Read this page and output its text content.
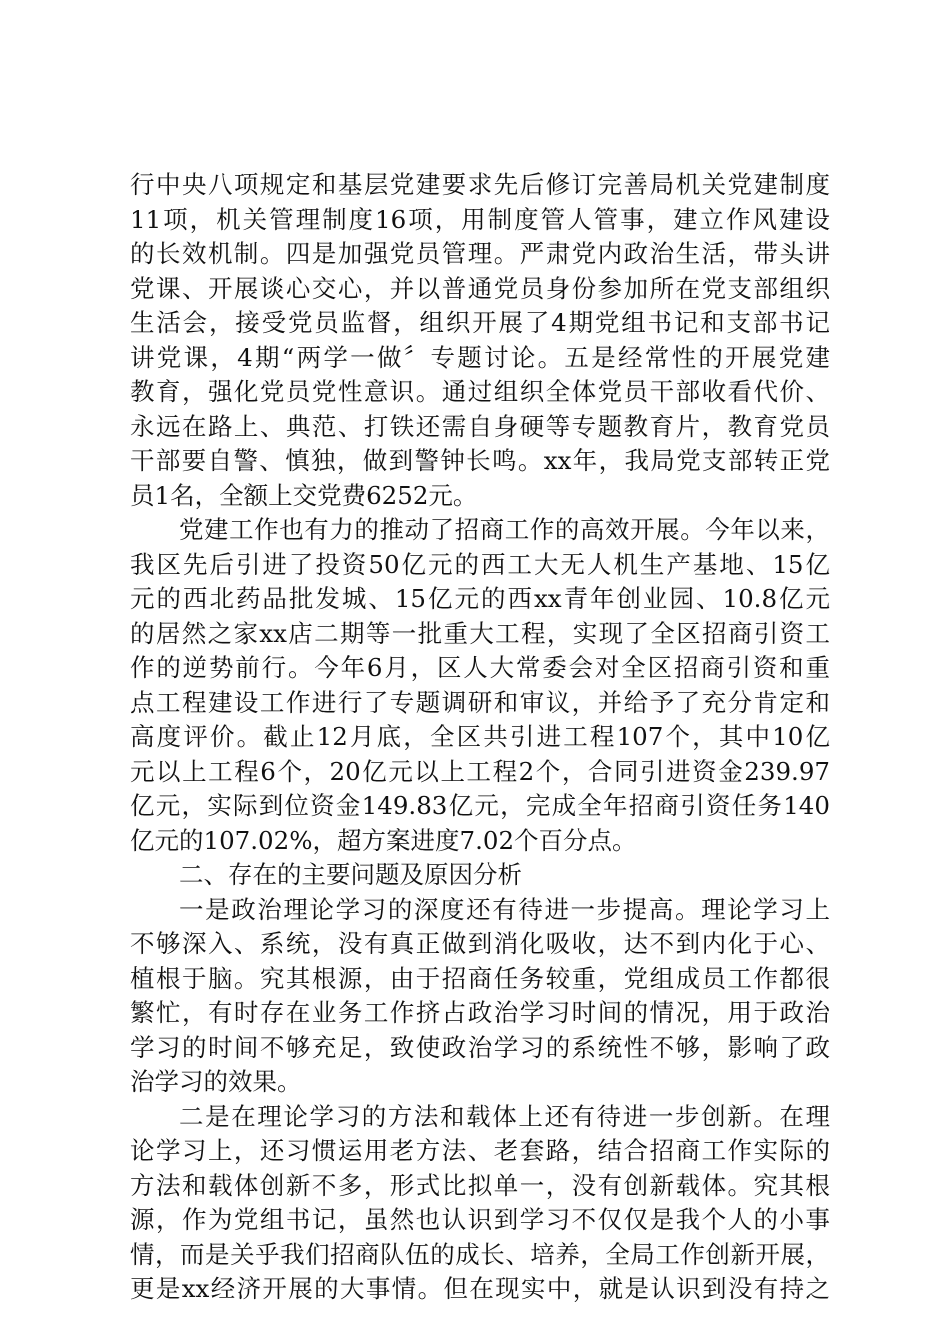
行中央八项规定和基层党建要求先后修订完善局机关党建制度
11项，机关管理制度16项，用制度管人管事，建立作风建设
的长效机制。四是加强党员管理。严肃党内政治生活，带头讲
党课、开展谈心交心，并以普通党员身份参加所在党支部组织
生活会，接受党员监督，组织开展了4期党组书记和支部书记
讲党课，4期“两学一做〞专题讨论。五是经常性的开展党建
教育，强化党员党性意识。通过组织全体党员干部收看代价、
永远在路上、典范、打铁还需自身硬等专题教育片，教育党员
干部要自警、慎独，做到警钟长鸣。xx年，我局党支部转正党
员1名，全额上交党费6252元。
党建工作也有力的推动了招商工作的高效开展。今年以来，
我区先后引进了投资50亿元的西工大无人机生产基地、15亿
元的西北药品批发城、15亿元的西xx青年创业园、10.8亿元
的居然之家xx店二期等一批重大工程，实现了全区招商引资工
作的逆势前行。今年6月，区人大常委会对全区招商引资和重
点工程建设工作进行了专题调研和审议，并给予了充分肯定和
高度评价。截止12月底，全区共引进工程107个，其中10亿
元以上工程6个，20亿元以上工程2个，合同引进资金239.97
亿元，实际到位资金149.83亿元，完成全年招商引资任务140
亿元的107.02%，超方案进度7.02个百分点。
二、存在的主要问题及原因分析
一是政治理论学习的深度还有待进一步提高。理论学习上
不够深入、系统，没有真正做到消化吸收，达不到内化于心、
植根于脑。究其根源，由于招商任务较重，党组成员工作都很
繁忙，有时存在业务工作挤占政治学习时间的情况，用于政治
学习的时间不够充足，致使政治学习的系统性不够，影响了政
治学习的效果。
二是在理论学习的方法和载体上还有待进一步创新。在理
论学习上，还习惯运用老方法、老套路，结合招商工作实际的
方法和载体创新不多，形式比拟单一，没有创新载体。究其根
源，作为党组书记，虽然也认识到学习不仅仅是我个人的小事
情，而是关乎我们招商队伍的成长、培养，全局工作创新开展，
更是xx经济开展的大事情。但在现实中，就是认识到没有持之
